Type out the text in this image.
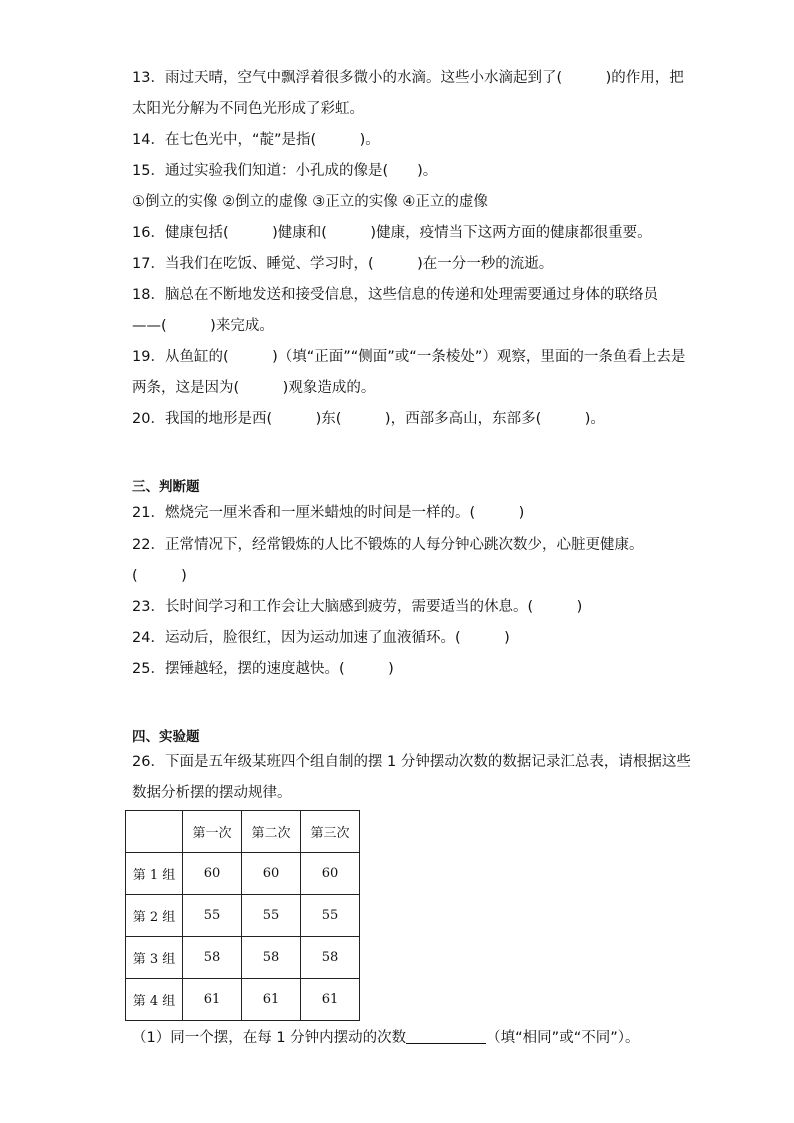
13．雨过天晴，空气中飘浮着很多微小的水滴。这些小水滴起到了(　　　)的作用，把
太阳光分解为不同色光形成了彩虹。
14．在七色光中，“靛”是指(　　　)。
15．通过实验我们知道：小孔成的像是(　　)。
①倒立的实像 ②倒立的虚像 ③正立的实像 ④正立的虚像
16．健康包括(　　　)健康和(　　　)健康，疫情当下这两方面的健康都很重要。
17．当我们在吃饭、睡觉、学习时，(　　　)在一分一秒的流逝。
18．脑总在不断地发送和接受信息，这些信息的传递和处理需要通过身体的联络员
——(　　　)来完成。
19．从鱼缸的(　　　)（填“正面”“侧面”或“一条棱处”）观察，里面的一条鱼看上去是
两条，这是因为(　　　)观象造成的。
20．我国的地形是西(　　　)东(　　　)，西部多高山，东部多(　　　)。
三、判断题
21．燃烧完一厘米香和一厘米蜡烛的时间是一样的。(　　　)
22．正常情况下，经常锻炼的人比不锻炼的人每分钟心跳次数少，心脏更健康。
(　　　)
23．长时间学习和工作会让大脑感到疲劳，需要适当的休息。(　　　)
24．运动后，脸很红，因为运动加速了血液循环。(　　　)
25．摆锤越轻，摆的速度越快。(　　　)
四、实验题
26．下面是五年级某班四个组自制的摆 1 分钟摆动次数的数据记录汇总表，请根据这些
数据分析摆的摆动规律。
	第一次	第二次	第三次
第 1 组	60	60	60
第 2 组	55	55	55
第 3 组	58	58	58
第 4 组	61	61	61
（1）同一个摆，在每 1 分钟内摆动的次数	（填“相同”或“不同”）。
